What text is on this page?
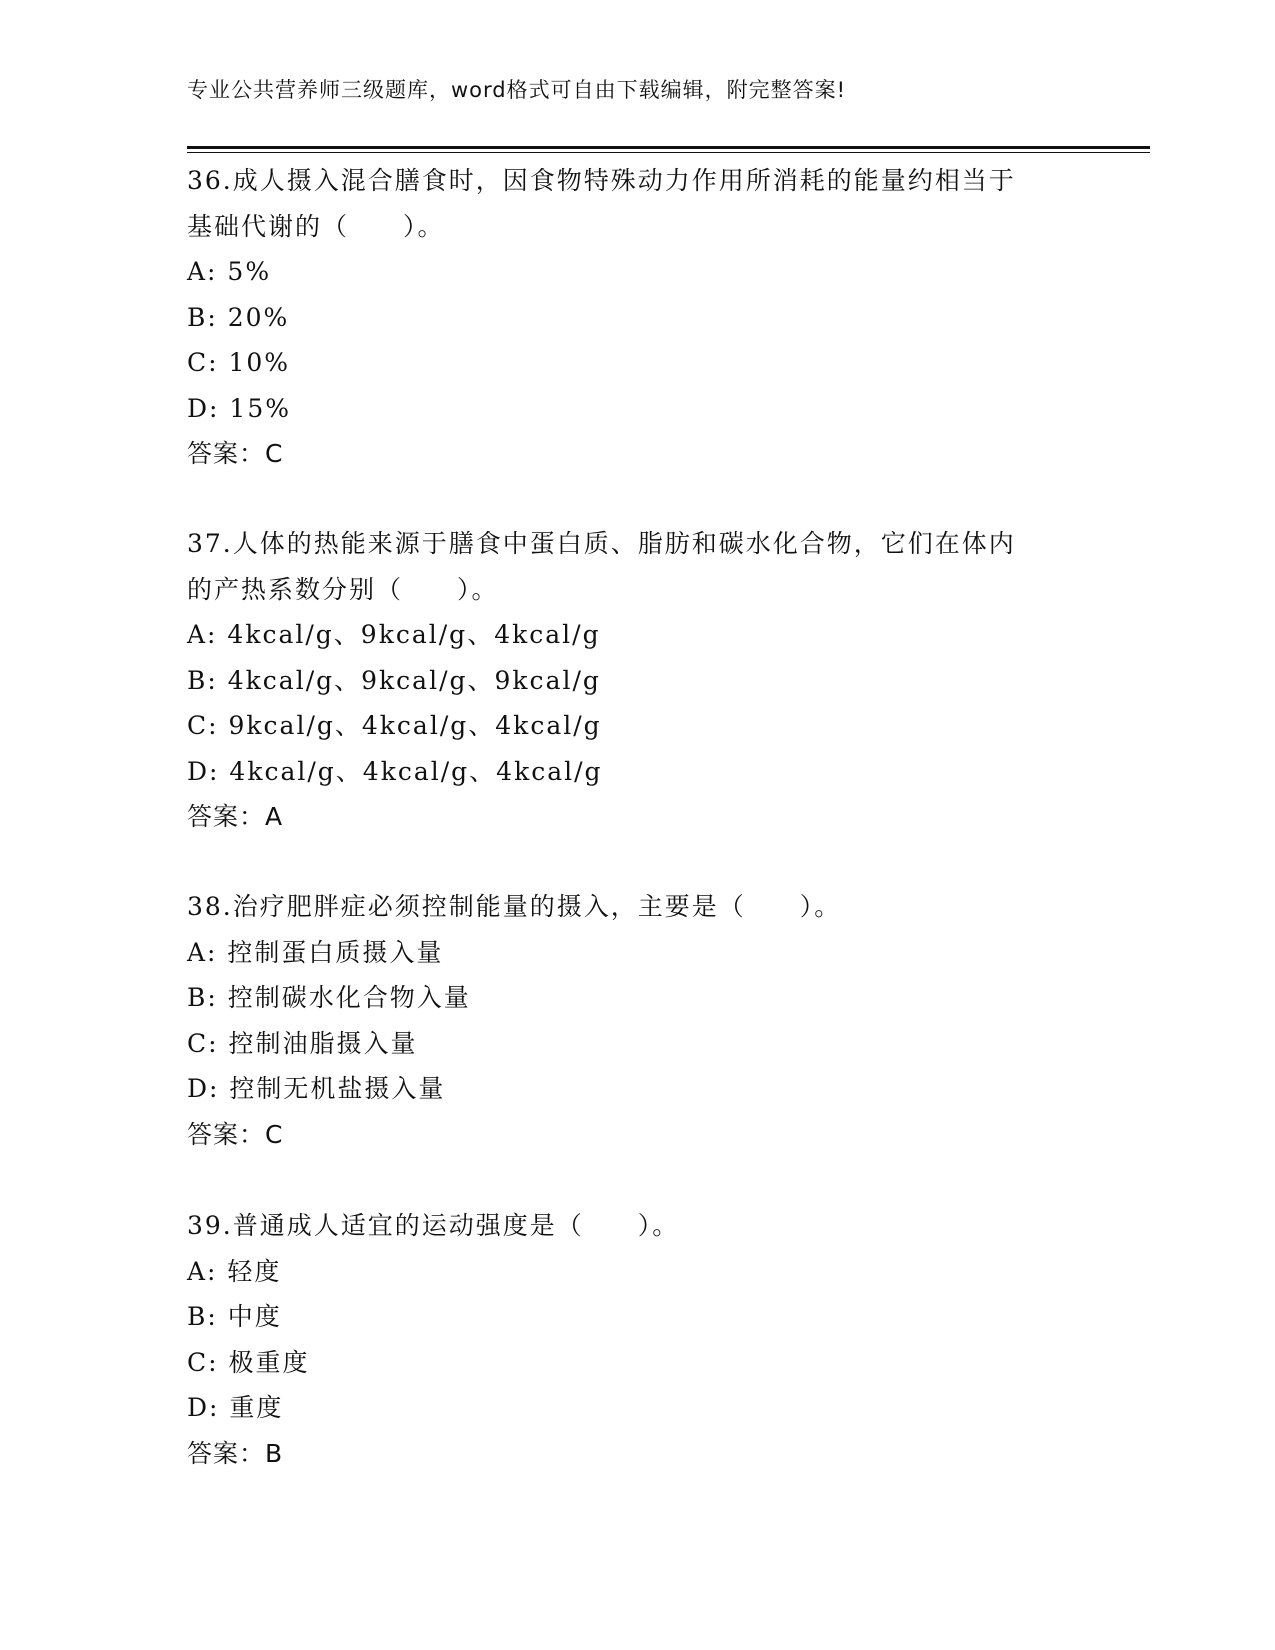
专业公共营养师三级题库，word格式可自由下载编辑，附完整答案!
36.成人摄入混合膳食时，因食物特殊动力作用所消耗的能量约相当于
基础代谢的（　　）。
A: 5%
B: 20%
C: 10%
D: 15%
答案：C
37.人体的热能来源于膳食中蛋白质、脂肪和碳水化合物，它们在体内
的产热系数分别（　　）。
A: 4kcal/g、9kcal/g、4kcal/g
B: 4kcal/g、9kcal/g、9kcal/g
C: 9kcal/g、4kcal/g、4kcal/g
D: 4kcal/g、4kcal/g、4kcal/g
答案：A
38.治疗肥胖症必须控制能量的摄入，主要是（　　）。
A: 控制蛋白质摄入量
B: 控制碳水化合物入量
C: 控制油脂摄入量
D: 控制无机盐摄入量
答案：C
39.普通成人适宜的运动强度是（　　）。
A: 轻度
B: 中度
C: 极重度
D: 重度
答案：B
